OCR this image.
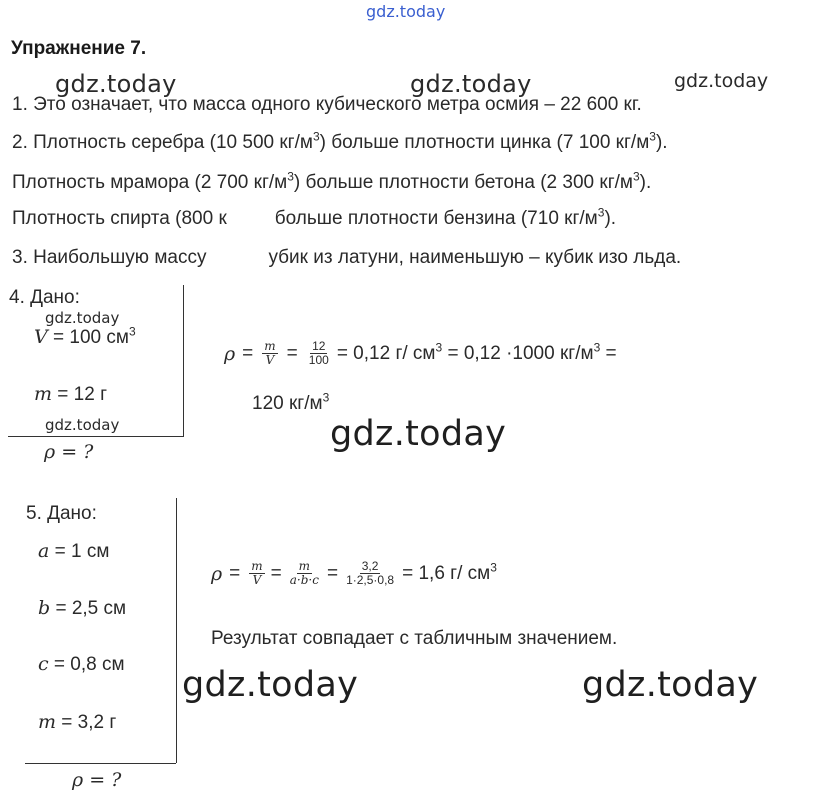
gdz.today
gdz.today	gdz.today	gdz.today
gdz.today
gdz.today	gdz.today
gdz.today	gdz.today
Упражнение 7.
1. Это означает, что масса одного кубического метра осмия – 22 600 кг.
2. Плотность серебра (10 500 $кг/м^3$) больше плотности цинка (7 100 $кг/м^3$).
Плотность мрамора (2 700 $кг/м^3$) больше плотности бетона (2 300 $кг/м^3$).
Плотность спирта (800 к	больше плотности бензина (710 $кг/м^3$).
3. Наибольшую массу	убик из латуни, наименьшую – кубик изо льда.
4. Дано:
V = 100 $см^3$
m = 12 г
ρ = ?
$\rho = \frac{m}{V} = \frac{12}{100} = 0,12$ г/ $см^3 = 0,12 \cdot 1000$ $кг/м^3$ =
120 $кг/м^3$
5. Дано:
a = 1 см
b = 2,5 см
c = 0,8 см
m = 3,2 г
ρ = ?
$\rho = \frac{m}{V} = \frac{m}{a\cdot b\cdot c} = \frac{3,2}{1\cdot 2,5\cdot 0,8} = 1,6$ г/ $см^3$
Результат совпадает с табличным значением.
